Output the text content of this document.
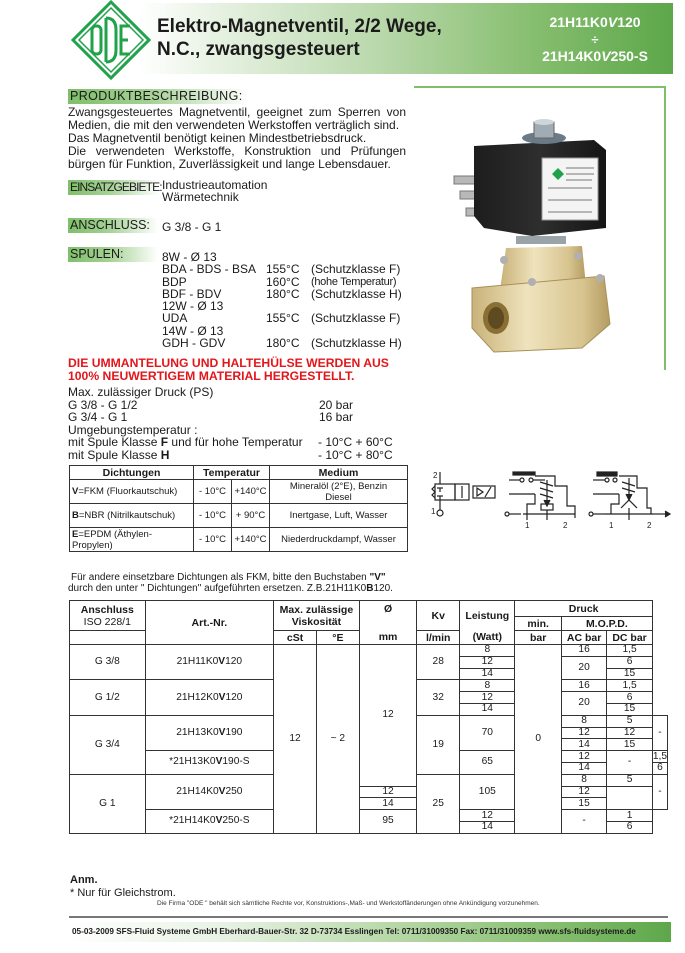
Elektro-Magnetventil, 2/2 Wege,
N.C., zwangsgesteuert
21H11K0V120
÷
21H14K0V250-S
PRODUKTBESCHREIBUNG:

Zwangsgesteuertes Magnetventil, geeignet zum Sperren von Medien, die mit den verwendeten Werkstoffen verträglich sind.

Das Magnetventil benötigt keinen Mindestbetriebsdruck.

Die verwendeten Werkstoffe, Konstruktion und Prüfungen bürgen für Funktion, Zuverlässigkeit und lange Lebensdauer.

EINSATZGEBIETE: Industrieautomation
Wärmetechnik
ANSCHLUSS:	G 3/8 - G 1
SPULEN:	8W - Ø 13
BDA - BDS - BSA 155°C (Schutzklasse F)
BDP	160°C (hohe Temperatur)
BDF - BDV	180°C (Schutzklasse H)
12W - Ø 13
UDA	155°C (Schutzklasse F)
14W - Ø 13
GDH - GDV	180°C (Schutzklasse H)
DIE UMMANTELUNG UND HALTEHÜLSE WERDEN AUS
100% NEUWERTIGEM MATERIAL HERGESTELLT.
Max. zulässiger Druck (PS)
G 3/8 - G 1/2	20 bar
G 3/4 - G 1	16 bar
Umgebungstemperatur :
mit Spule Klasse F und für hohe Temperatur - 10°C + 60°C
mit Spule Klasse H	- 10°C + 80°C
Dichtungen	Temperatur		Medium
V=FKM (Fluorkautschuk)	- 10°C	+140°C	Mineralöl (2°E), Benzin
Diesel

B=NBR (Nitrilkautschuk)	- 10°C	+ 90°C	Inertgase, Luft, Wasser

E=EPDM (Äthylen-Propylen)	- 10°C	+140°C	Niederdruckdampf, Wasser
2
1
1	2	1	2
Für andere einsetzbare Dichtungen als FKM, bitte den Buchstaben "V"
durch den unter " Dichtungen" aufgeführten ersetzen. Z.B.21H11K0B120.
Anschluss
ISO 228/1	Art.-Nr.	Max. zulässige Viskosität		Ø	Kv	Leistung	Druck			
							min.	M.O.P.D.		
		cSt	°E	mm	l/min	(Watt)	bar	AC bar	DC bar	
G 3/8	21H11K0V120	12	~ 2	12	28	8	0	16	1,5	
						12		20	6	
						14			15	
G 1/2	21H12K0V120				32	8		16	1,5	
						12		20	6	
						14			15	
G 3/4	21H13K0V190				19	70		8	5	-
								12	12	
								14	15	
	*21H13K0V190-S					65		12	-	1,5
								14		6
G 1	21H14K0V250				25	105		8	5	-
				12				12		
				14				15		
	*21H14K0V250-S			95		12		-	1	
						14			6	
Anm.
* Nur für Gleichstrom.
Die Firma "ODE " behält sich sämtliche Rechte vor, Konstruktions-,Maß- und Werkstoffänderungen ohne Ankündigung vorzunehmen.
05-03-2009 SFS-Fluid Systeme GmbH Eberhard-Bauer-Str. 32 D-73734 Esslingen Tel: 0711/31009350 Fax: 0711/31009359 www.sfs-fluidsysteme.de
